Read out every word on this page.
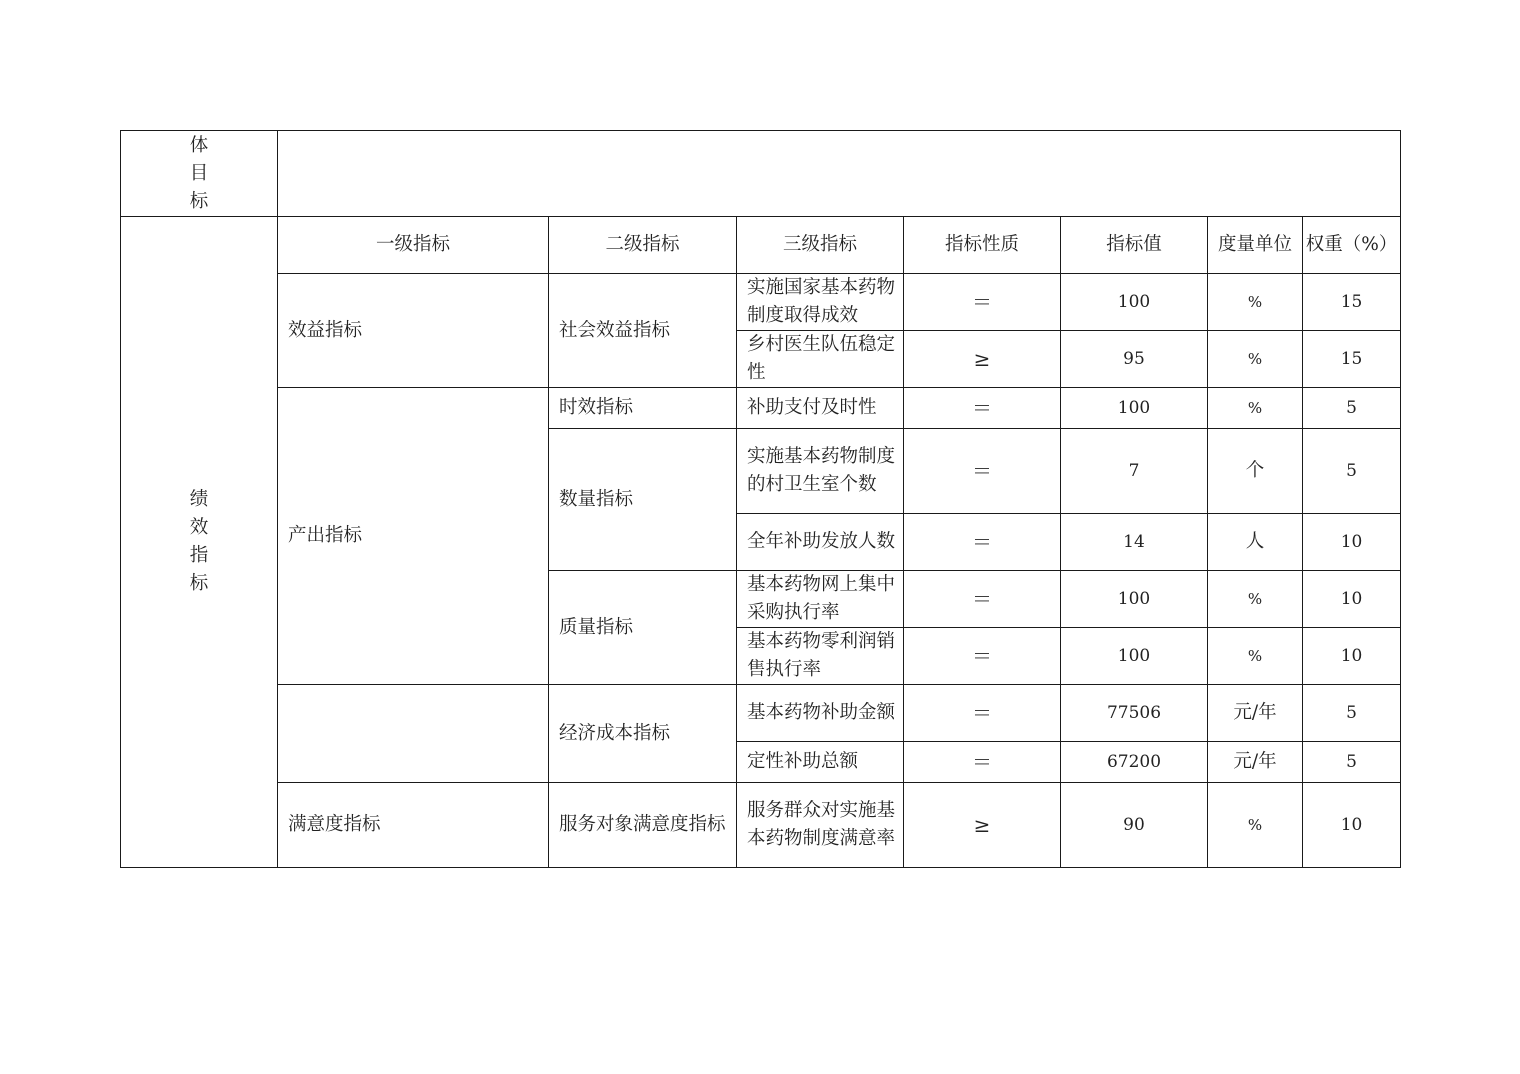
体目标							
绩效指标	一级指标	二级指标	三级指标	指标性质	指标值	度量单位	权重（%）
	效益指标	社会效益指标	实施国家基本药物制度取得成效	＝	100	%	15
			乡村医生队伍稳定性	≥	95	%	15
	产出指标	时效指标	补助支付及时性	＝	100	%	5
		数量指标	实施基本药物制度的村卫生室个数	＝	7	个	5
			全年补助发放人数	＝	14	人	10
		质量指标	基本药物网上集中采购执行率	＝	100	%	10
			基本药物零利润销售执行率	＝	100	%	10
		经济成本指标	基本药物补助金额	＝	77506	元/年	5
			定性补助总额	＝	67200	元/年	5
	满意度指标	服务对象满意度指标	服务群众对实施基本药物制度满意率	≥	90	%	10
